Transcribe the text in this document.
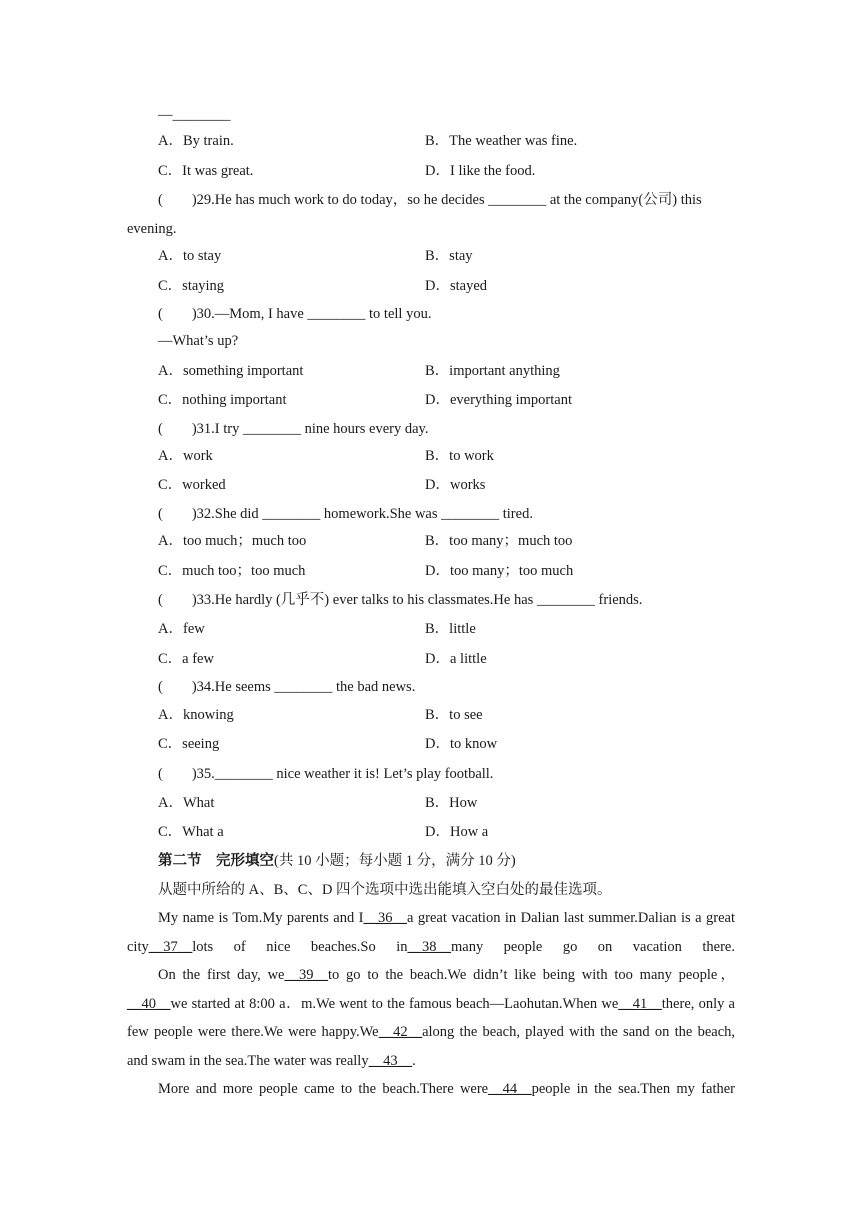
—________
A．By train.	B．The weather was fine.
C．It was great.	D．I like the food.
(　　)29.He has much work to do today，so he decides ________ at the company(公司) this
evening.
A．to stay	B．stay
C．staying	D．stayed
(　　)30.—Mom, I have ________ to tell you.
—What’s up?
A．something important	B．important anything
C．nothing important	D．everything important
(　　)31.I try ________ nine hours every day.
A．work	B．to work
C．worked	D．works
(　　)32.She did ________ homework.She was ________ tired.
A．too much；much too	B．too many；much too
C．much too；too much	D．too many；too much
(　　)33.He hardly (几乎不) ever talks to his classmates.He has ________ friends.
A．few	B．little
C．a few	D．a little
(　　)34.He seems ________ the bad news.
A．knowing	B．to see
C．seeing	D．to know
(　　)35.________ nice weather it is! Let’s play football.
A．What	B．How
C．What a	D．How a
第二节　完形填空(共 10 小题；每小题 1 分，满分 10 分)
从题中所给的 A、B、C、D 四个选项中选出能填入空白处的最佳选项。

My name is Tom.My parents and I__36__a great vacation in Dalian last summer.Dalian is a great city__37__lots of nice beaches.So in__38__many people go on vacation there.

On the first day, we__39__to go to the beach.We didn’t like being with too many people， __40__we started at 8:00 a．m.We went to the famous beach—Laohutan.When we__41__there, only a few people were there.We were happy.We__42__along the beach, played with the sand on the beach, and swam in the sea.The water was really__43__.

More and more people came to the beach.There were__44__people in the sea.Then my father
